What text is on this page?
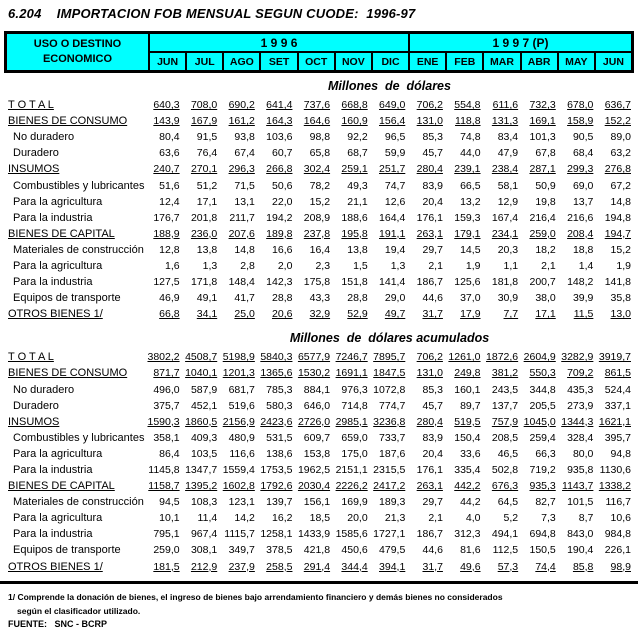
6.204    IMPORTACION FOB MENSUAL SEGUN CUODE:  1996-97
USO O DESTINO
ECONOMICO
1 9 9 6	1 9 9 7 (P)
JUN	JUL	AGO	SET	OCT	NOV	DIC	ENE	FEB	MAR	ABR	MAY	JUN
Millones  de  dólares
T O T A L	640,3	708,0	690,2	641,4	737,6	668,8	649,0	706,2	554,8	611,6	732,3	678,0	636,7
BIENES DE CONSUMO	143,9	167,9	161,2	164,3	164,6	160,9	156,4	131,0	118,8	131,3	169,1	158,9	152,2
No duradero	80,4	91,5	93,8	103,6	98,8	92,2	96,5	85,3	74,8	83,4	101,3	90,5	89,0
Duradero	63,6	76,4	67,4	60,7	65,8	68,7	59,9	45,7	44,0	47,9	67,8	68,4	63,2
INSUMOS	240,7	270,1	296,3	266,8	302,4	259,1	251,7	280,4	239,1	238,4	287,1	299,3	276,8
Combustibles y lubricantes	51,6	51,2	71,5	50,6	78,2	49,3	74,7	83,9	66,5	58,1	50,9	69,0	67,2
Para la agricultura	12,4	17,1	13,1	22,0	15,2	21,1	12,6	20,4	13,2	12,9	19,8	13,7	14,8
Para la industria	176,7	201,8	211,7	194,2	208,9	188,6	164,4	176,1	159,3	167,4	216,4	216,6	194,8
BIENES DE CAPITAL	188,9	236,0	207,6	189,8	237,8	195,8	191,1	263,1	179,1	234,1	259,0	208,4	194,7
Materiales de construcción	12,8	13,8	14,8	16,6	16,4	13,8	19,4	29,7	14,5	20,3	18,2	18,8	15,2
Para la agricultura	1,6	1,3	2,8	2,0	2,3	1,5	1,3	2,1	1,9	1,1	2,1	1,4	1,9
Para la industria	127,5	171,8	148,4	142,3	175,8	151,8	141,4	186,7	125,6	181,8	200,7	148,2	141,8
Equipos de transporte	46,9	49,1	41,7	28,8	43,3	28,8	29,0	44,6	37,0	30,9	38,0	39,9	35,8
OTROS BIENES 1/	66,8	34,1	25,0	20,6	32,9	52,9	49,7	31,7	17,9	7,7	17,1	11,5	13,0
Millones  de  dólares acumulados
T O T A L	3802,2 4508,7 5198,9 5840,3 6577,9 7246,7 7895,7	706,2 1261,0 1872,6 2604,9 3282,9 3919,7
BIENES DE CONSUMO	871,7 1040,1 1201,3 1365,6 1530,2 1691,1 1847,5	131,0	249,8	381,2	550,3	709,2	861,5
No duradero	496,0	587,9	681,7	785,3	884,1	976,3 1072,8	85,3	160,1	243,5	344,8	435,3	524,4
Duradero	375,7	452,1	519,6	580,3	646,0	714,8	774,7	45,7	89,7	137,7	205,5	273,9	337,1
INSUMOS	1590,3 1860,5 2156,9 2423,6 2726,0 2985,1 3236,8	280,4	519,5	757,9 1045,0 1344,3 1621,1
Combustibles y lubricantes 358,1	409,3	480,9	531,5	609,7	659,0	733,7	83,9	150,4	208,5	259,4	328,4	395,7
Para la agricultura	86,4	103,5	116,6	138,6	153,8	175,0	187,6	20,4	33,6	46,5	66,3	80,0	94,8
Para la industria	1145,8 1347,7 1559,4 1753,5 1962,5 2151,1 2315,5	176,1	335,4	502,8	719,2	935,8 1130,6
BIENES DE CAPITAL	1158,7 1395,2 1602,8 1792,6 2030,4 2226,2 2417,2	263,1	442,2	676,3	935,3 1143,7 1338,2
Materiales de construcción	94,5	108,3	123,1	139,7	156,1	169,9	189,3	29,7	44,2	64,5	82,7	101,5	116,7
Para la agricultura	10,1	11,4	14,2	16,2	18,5	20,0	21,3	2,1	4,0	5,2	7,3	8,7	10,6
Para la industria	795,1	967,4 1115,7 1258,1 1433,9 1585,6 1727,1	186,7	312,3	494,1	694,8	843,0	984,8
Equipos de transporte	259,0	308,1	349,7	378,5	421,8	450,6	479,5	44,6	81,6	112,5	150,5	190,4	226,1
OTROS BIENES 1/	181,5	212,9	237,9	258,5	291,4	344,4	394,1	31,7	49,6	57,3	74,4	85,8	98,9
1/ Comprende la donación de bienes, el ingreso de bienes bajo arrendamiento financiero y demás bienes no considerados
según el clasificador utilizado.
FUENTE:   SNC - BCRP
